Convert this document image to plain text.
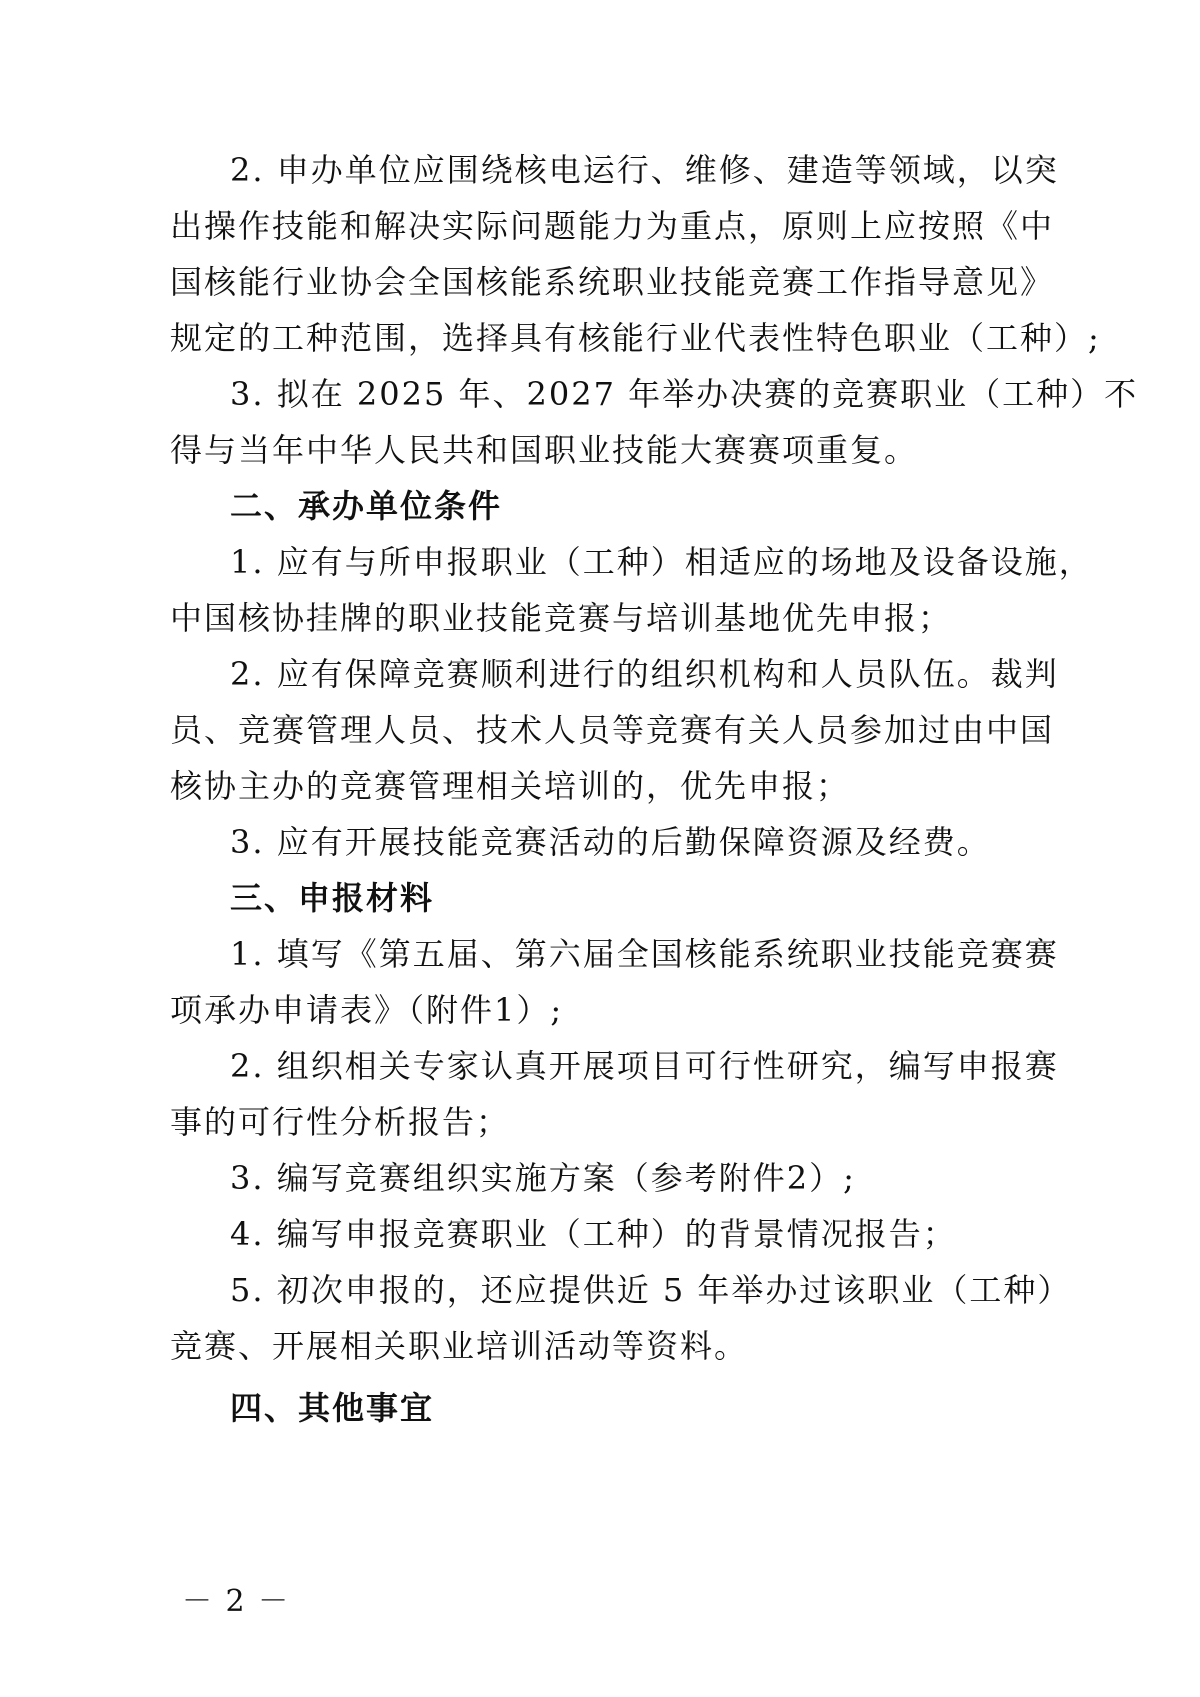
2. 申办单位应围绕核电运行、维修、建造等领域，以突
出操作技能和解决实际问题能力为重点，原则上应按照《中
国核能行业协会全国核能系统职业技能竞赛工作指导意见》
规定的工种范围，选择具有核能行业代表性特色职业（工种）;
3. 拟在 2025 年、2027 年举办决赛的竞赛职业（工种）不
得与当年中华人民共和国职业技能大赛赛项重复。
二、承办单位条件
1. 应有与所申报职业（工种）相适应的场地及设备设施，
中国核协挂牌的职业技能竞赛与培训基地优先申报；
2. 应有保障竞赛顺利进行的组织机构和人员队伍。裁判
员、竞赛管理人员、技术人员等竞赛有关人员参加过由中国
核协主办的竞赛管理相关培训的，优先申报；
3. 应有开展技能竞赛活动的后勤保障资源及经费。
三、申报材料
1. 填写《第五届、第六届全国核能系统职业技能竞赛赛
项承办申请表》（附件1）;
2. 组织相关专家认真开展项目可行性研究，编写申报赛
事的可行性分析报告；
3. 编写竞赛组织实施方案（参考附件2）;
4. 编写申报竞赛职业（工种）的背景情况报告；
5. 初次申报的，还应提供近 5 年举办过该职业（工种）
竞赛、开展相关职业培训活动等资料。
四、其他事宜
－ 2 －
